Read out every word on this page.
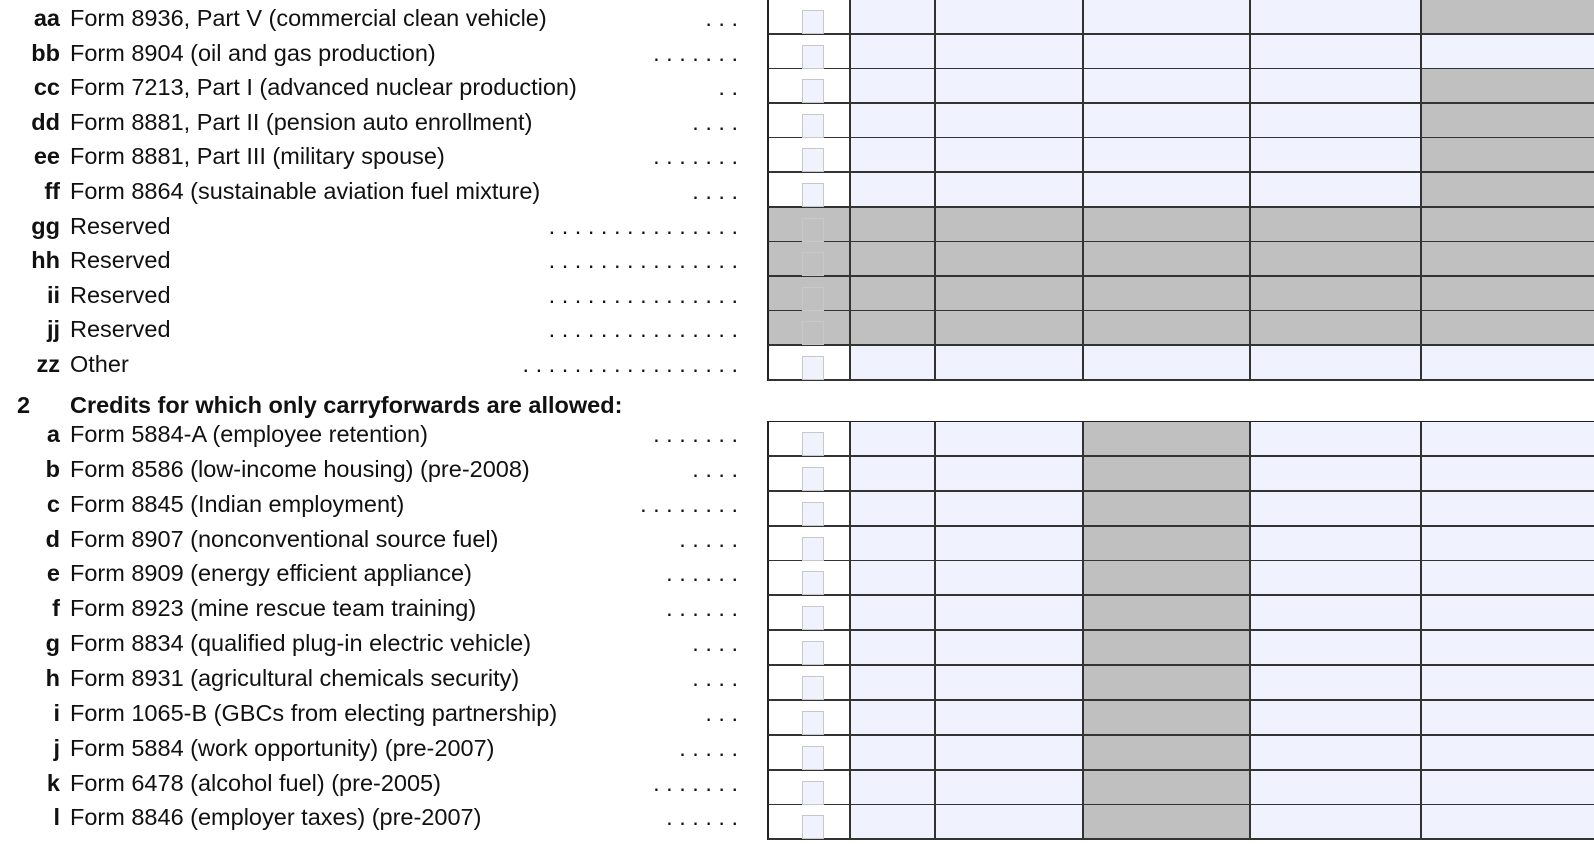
aa Form 8936, Part V (commercial clean vehicle)	. . .
bb Form 8904 (oil and gas production)	. . . . . . .
cc Form 7213, Part I (advanced nuclear production)	. .
dd Form 8881, Part II (pension auto enrollment)	. . . .
ee Form 8881, Part III (military spouse)	. . . . . . .
ff Form 8864 (sustainable aviation fuel mixture)	. . . .
gg Reserved	. . . . . . . . . . . . . . .
hh Reserved	. . . . . . . . . . . . . . .
ii Reserved	. . . . . . . . . . . . . . .
jj Reserved	. . . . . . . . . . . . . . .
zz Other	. . . . . . . . . . . . . . . . .
2 Credits for which only carryforwards are allowed:
a Form 5884-A (employee retention)	. . . . . . .
b Form 8586 (low-income housing) (pre-2008)	. . . .
c Form 8845 (Indian employment)	. . . . . . . .
d Form 8907 (nonconventional source fuel)	. . . . .
e Form 8909 (energy efficient appliance)	. . . . . .
f Form 8923 (mine rescue team training)	. . . . . .
g Form 8834 (qualified plug-in electric vehicle)	. . . .
h Form 8931 (agricultural chemicals security)	. . . .
i Form 1065-B (GBCs from electing partnership)	. . .
j Form 5884 (work opportunity) (pre-2007)	. . . . .
k Form 6478 (alcohol fuel) (pre-2005)	. . . . . . .
l Form 8846 (employer taxes) (pre-2007)	. . . . . .
